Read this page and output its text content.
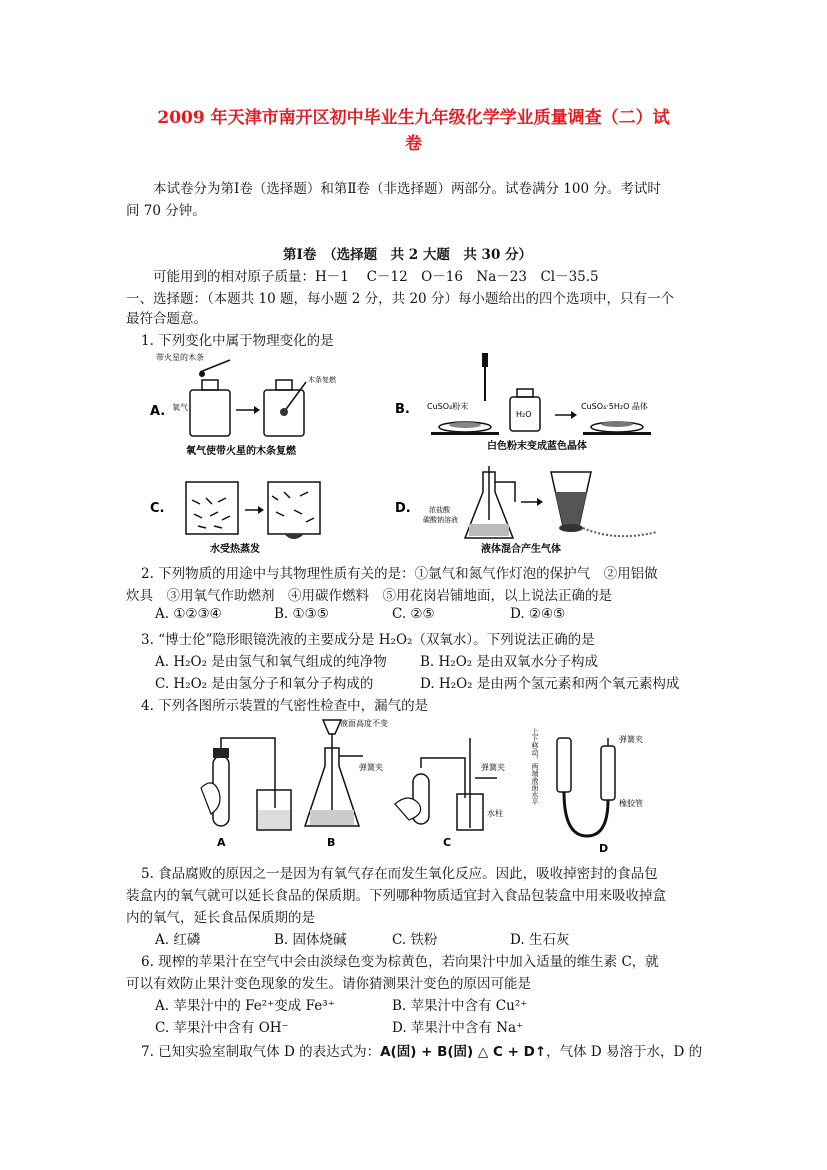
2009 年天津市南开区初中毕业生九年级化学学业质量调查（二）试
卷
本试卷分为第Ⅰ卷（选择题）和第Ⅱ卷（非选择题）两部分。试卷满分 100 分。考试时
间 70 分钟。
第Ⅰ卷　（选择题　共 2 大题　共 30 分）
可能用到的相对原子质量：H－1　 C－12　O－16　Na－23　Cl－35.5
一、选择题：（本题共 10 题，每小题 2 分，共 20 分）每小题给出的四个选项中，只有一个
最符合题意。
1. 下列变化中属于物理变化的是
A.
带火星的木条
氧气
木条复燃
氧气使带火星的木条复燃
B. CuSO₄粉末
H₂O
CuSO₄·5H₂O 晶体
白色粉末变成蓝色晶体
C.
水受热蒸发
D.	浓盐酸
碳酸钠溶液
液体混合产生气体
2. 下列物质的用途中与其物理性质有关的是：①氩气和氮气作灯泡的保护气　②用铝做
炊具　③用氧气作助燃剂　④用碳作燃料　⑤用花岗岩铺地面，以上说法正确的是
A. ①②③④	B. ①③⑤	C. ②⑤	D. ②④⑤
3. “博士伦”隐形眼镜洗液的主要成分是 H₂O₂（双氧水）。下列说法正确的是
A. H₂O₂ 是由氢气和氧气组成的纯净物 B. H₂O₂ 是由双氧水分子构成
C. H₂O₂ 是由氢分子和氧分子构成的	D. H₂O₂ 是由两个氢元素和两个氧元素构成
4. 下列各图所示装置的气密性检查中，漏气的是
A
液面高度不变
弹簧夹
B
弹簧夹
水柱
C
上下移动，两端液面水平	弹簧夹
橡胶管
D
5. 食品腐败的原因之一是因为有氧气存在而发生氧化反应。因此，吸收掉密封的食品包
装盒内的氧气就可以延长食品的保质期。下列哪种物质适宜封入食品包装盒中用来吸收掉盒
内的氧气，延长食品保质期的是
A. 红磷	B. 固体烧碱	C. 铁粉	D. 生石灰
6. 现榨的苹果汁在空气中会由淡绿色变为棕黄色，若向果汁中加入适量的维生素 C，就
可以有效防止果汁变色现象的发生。请你猜测果汁变色的原因可能是
A. 苹果汁中的 Fe²⁺变成 Fe³⁺	B. 苹果汁中含有 Cu²⁺
C. 苹果汁中含有 OH⁻	D. 苹果汁中含有 Na⁺
7. 已知实验室制取气体 D 的表达式为：A(固) + B(固) △ C + D↑，气体 D 易溶于水，D 的
